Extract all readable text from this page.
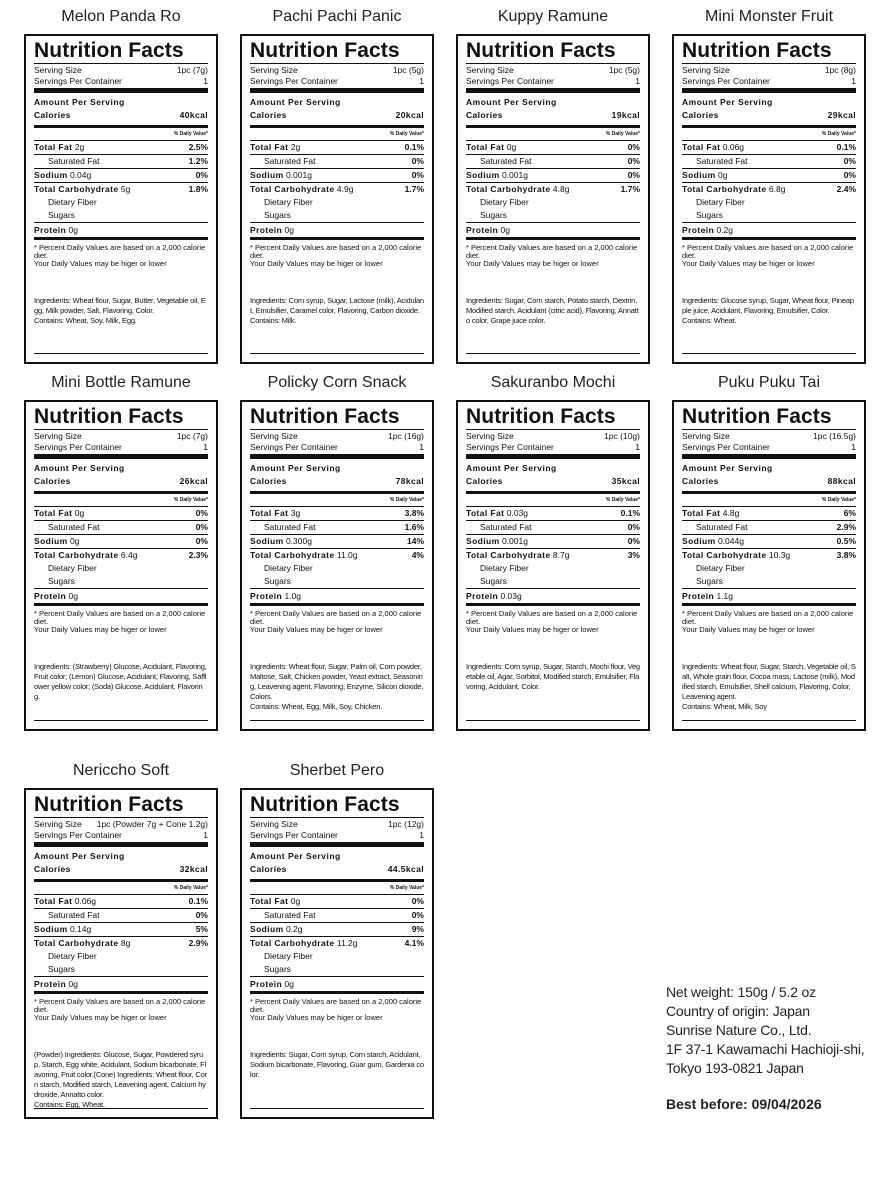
Melon Panda Ro
Nutrition Facts
Serving Size	1pc (7g)
Servings Per Container	1
Amount Per Serving
Calories	40kcal
% Daily Value*
Total Fat 2g	2.5%
Saturated Fat	1.2%
Sodium 0.04g	0%
Total Carbohydrate 5g	1.8%
Dietary Fiber
Sugars
Protein 0g
* Percent Daily Values are based on a 2,000 calorie diet.
Your Daily Values may be higer or lower
Ingredients: Wheat flour, Sugar, Butter, Vegetable oil, Egg, Milk powder, Salt, Flavoring, Color.
Contains: Wheat, Soy, Milk, Egg.
Pachi Pachi Panic
Nutrition Facts
Serving Size	1pc (5g)
Servings Per Container	1
Amount Per Serving
Calories	20kcal
% Daily Value*
Total Fat 2g	0.1%
Saturated Fat	0%
Sodium 0.001g	0%
Total Carbohydrate 4.9g	1.7%
Dietary Fiber
Sugars
Protein 0g
* Percent Daily Values are based on a 2,000 calorie diet.
Your Daily Values may be higer or lower
Ingredients: Corn syrup, Sugar, Lactose (milk), Acidulant, Emulsifier, Caramel color, Flavoring, Carbon dioxide.
Contains: Milk.
Kuppy Ramune
Nutrition Facts
Serving Size	1pc (5g)
Servings Per Container	1
Amount Per Serving
Calories	19kcal
% Daily Value*
Total Fat 0g	0%
Saturated Fat	0%
Sodium 0.001g	0%
Total Carbohydrate 4.8g	1.7%
Dietary Fiber
Sugars
Protein 0g
* Percent Daily Values are based on a 2,000 calorie diet.
Your Daily Values may be higer or lower
Ingredients: Sugar, Corn starch, Potato starch, Dextrin, Modified starch, Acidulant (citric acid), Flavoring, Annatto color, Grape juice color.
Mini Monster Fruit
Nutrition Facts
Serving Size	1pc (8g)
Servings Per Container	1
Amount Per Serving
Calories	29kcal
% Daily Value*
Total Fat 0.06g	0.1%
Saturated Fat	0%
Sodium 0g	0%
Total Carbohydrate 6.8g	2.4%
Dietary Fiber
Sugars
Protein 0.2g
* Percent Daily Values are based on a 2,000 calorie diet.
Your Daily Values may be higer or lower
Ingredients: Glucose syrup, Sugar, Wheat flour, Pineapple juice, Acidulant, Flavoring, Emulsifier, Color.
Contains: Wheat.
Mini Bottle Ramune
Nutrition Facts
Serving Size	1pc (7g)
Servings Per Container	1
Amount Per Serving
Calories	26kcal
% Daily Value*
Total Fat 0g	0%
Saturated Fat	0%
Sodium 0g	0%
Total Carbohydrate 6.4g	2.3%
Dietary Fiber
Sugars
Protein 0g
* Percent Daily Values are based on a 2,000 calorie diet.
Your Daily Values may be higer or lower
Ingredients: (Strawberry) Glucose, Acidulant, Flavoring, Fruit color; (Lemon) Glucose, Acidulant, Flavoring, Safflower yellow color; (Soda) Glucose, Acidulant, Flavoring.
Policky Corn Snack
Nutrition Facts
Serving Size	1pc (16g)
Servings Per Container	1
Amount Per Serving
Calories	78kcal
% Daily Value*
Total Fat 3g	3.8%
Saturated Fat	1.6%
Sodium 0.300g	14%
Total Carbohydrate 11.0g	4%
Dietary Fiber
Sugars
Protein 1.0g
* Percent Daily Values are based on a 2,000 calorie diet.
Your Daily Values may be higer or lower
Ingredients: Wheat flour, Sugar, Palm oil, Corn powder, Maltose, Salt, Chicken powder, Yeast extract, Seasoning, Leavening agent, Flavoring, Enzyme, Silicon dioxide, Colors.
Contains: Wheat, Egg, Milk, Soy, Chicken.
Sakuranbo Mochi
Nutrition Facts
Serving Size	1pc (10g)
Servings Per Container	1
Amount Per Serving
Calories	35kcal
% Daily Value*
Total Fat 0.03g	0.1%
Saturated Fat	0%
Sodium 0.001g	0%
Total Carbohydrate 8.7g	3%
Dietary Fiber
Sugars
Protein 0.03g
* Percent Daily Values are based on a 2,000 calorie diet.
Your Daily Values may be higer or lower
Ingredients: Corn syrup, Sugar, Starch, Mochi flour, Vegetable oil, Agar, Sorbitol, Modified starch, Emulsifier, Flavoring, Acidulant, Color.
Puku Puku Tai
Nutrition Facts
Serving Size	1pc (16.5g)
Servings Per Container	1
Amount Per Serving
Calories	88kcal
% Daily Value*
Total Fat 4.8g	6%
Saturated Fat	2.9%
Sodium 0.044g	0.5%
Total Carbohydrate 10.3g	3.8%
Dietary Fiber
Sugars
Protein 1.1g
* Percent Daily Values are based on a 2,000 calorie diet.
Your Daily Values may be higer or lower
Ingredients: Wheat flour, Sugar, Starch, Vegetable oil, Salt, Whole grain flour, Cocoa mass, Lactose (milk), Modified starch, Emulsifier, Shell calcium, Flavoring, Color, Leavening agent.
Contains: Wheat, Milk, Soy
Nericcho Soft
Nutrition Facts
Serving Size 1pc (Powder 7g + Cone 1.2g)
Servings Per Container	1
Amount Per Serving
Calories	32kcal
% Daily Value*
Total Fat 0.06g	0.1%
Saturated Fat	0%
Sodium 0.14g	5%
Total Carbohydrate 8g	2.9%
Dietary Fiber
Sugars
Protein 0g
* Percent Daily Values are based on a 2,000 calorie diet.
Your Daily Values may be higer or lower
(Powder) Ingredients: Glucose, Sugar, Powdered syrup, Starch, Egg white, Acidulant, Sodium bicarbonate, Flavoring, Fruit color.(Cone) Ingredients: Wheat flour, Corn starch, Modified starch, Leavening agent, Calcium hydroxide, Annatto color.
Contains: Egg, Wheat.
Sherbet Pero
Nutrition Facts
Serving Size	1pc (12g)
Servings Per Container	1
Amount Per Serving
Calories	44.5kcal
% Daily Value*
Total Fat 0g	0%
Saturated Fat	0%
Sodium 0.2g	9%
Total Carbohydrate 11.2g	4.1%
Dietary Fiber
Sugars
Protein 0g
* Percent Daily Values are based on a 2,000 calorie diet.
Your Daily Values may be higer or lower
Ingredients: Sugar, Corn syrup, Corn starch, Acidulant, Sodium bicarbonate, Flavoring, Guar gum, Gardenia color.
Net weight: 150g / 5.2 oz
Country of origin: Japan
Sunrise Nature Co., Ltd.
1F 37-1 Kawamachi Hachioji-shi,
Tokyo 193-0821 Japan
Best before: 09/04/2026
